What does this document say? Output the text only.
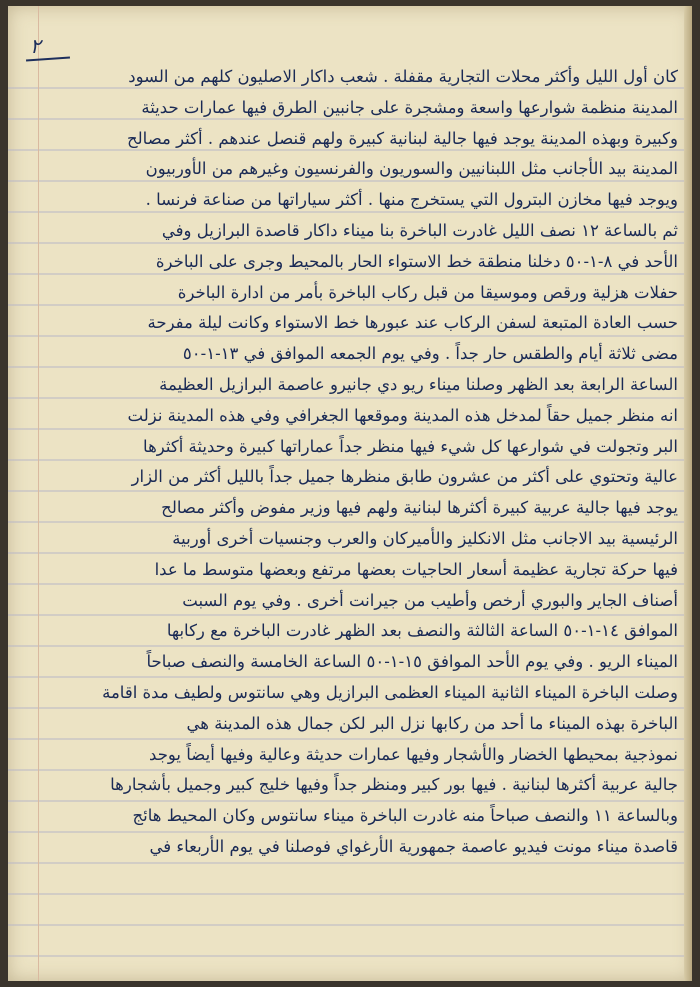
٢
كان أول الليل وأكثر محلات التجارية مقفلة . شعب داكار الاصليون كلهم من السود
المدينة منظمة شوارعها واسعة ومشجرة على جانبين الطرق فيها عمارات حديثة
وكبيرة وبهذه المدينة يوجد فيها جالية لبنانية كبيرة ولهم قنصل عندهم . أكثر مصالح
المدينة بيد الأجانب مثل اللبنانيين والسوريون والفرنسيون وغيرهم من الأوربيون
ويوجد فيها مخازن البترول التي يستخرج منها . أكثر سياراتها من صناعة فرنسا .
ثم بالساعة ١٢ نصف الليل غادرت الباخرة بنا ميناء داكار قاصدة البرازيل وفي
الأحد في ٨-١-٥٠ دخلنا منطقة خط الاستواء الحار بالمحيط وجرى على الباخرة
حفلات هزلية ورقص وموسيقا من قبل ركاب الباخرة بأمر من ادارة الباخرة
حسب العادة المتبعة لسفن الركاب عند عبورها خط الاستواء وكانت ليلة مفرحة
مضى ثلاثة أيام والطقس حار جداً . وفي يوم الجمعه الموافق في ١٣-١-٥٠
الساعة الرابعة بعد الظهر وصلنا ميناء ريو دي جانيرو عاصمة البرازيل العظيمة
انه منظر جميل حقاً لمدخل هذه المدينة وموقعها الجغرافي وفي هذه المدينة نزلت
البر وتجولت في شوارعها كل شيء فيها منظر جداً عماراتها كبيرة وحديثة أكثرها
عالية وتحتوي على أكثر من عشرون طابق منظرها جميل جداً بالليل أكثر من الزار
يوجد فيها جالية عربية كبيرة أكثرها لبنانية ولهم فيها وزير مفوض وأكثر مصالح
الرئيسية بيد الاجانب مثل الانكليز والأميركان والعرب وجنسيات أخرى أوربية
فيها حركة تجارية عظيمة أسعار الحاجيات بعضها مرتفع وبعضها متوسط ما عدا
أصناف الجاير والبوري أرخص وأطيب من جيرانت أخرى . وفي يوم السبت
الموافق ١٤-١-٥٠ الساعة الثالثة والنصف بعد الظهر غادرت الباخرة مع ركابها
الميناء الريو . وفي يوم الأحد الموافق ١٥-١-٥٠ الساعة الخامسة والنصف صباحاً
وصلت الباخرة الميناء الثانية الميناء العظمى البرازيل وهي سانتوس ولطيف مدة اقامة
الباخرة بهذه الميناء ما أحد من ركابها نزل البر لكن جمال هذه المدينة هي
نموذجية بمحيطها الخضار والأشجار وفيها عمارات حديثة وعالية وفيها أيضاً يوجد
جالية عربية أكثرها لبنانية . فيها بور كبير ومنظر جداً وفيها خليج كبير وجميل بأشجارها
وبالساعة ١١ والنصف صباحاً منه غادرت الباخرة ميناء سانتوس وكان المحيط هائج
قاصدة ميناء مونت فيديو عاصمة جمهورية الأرغواي فوصلنا في يوم الأربعاء في
